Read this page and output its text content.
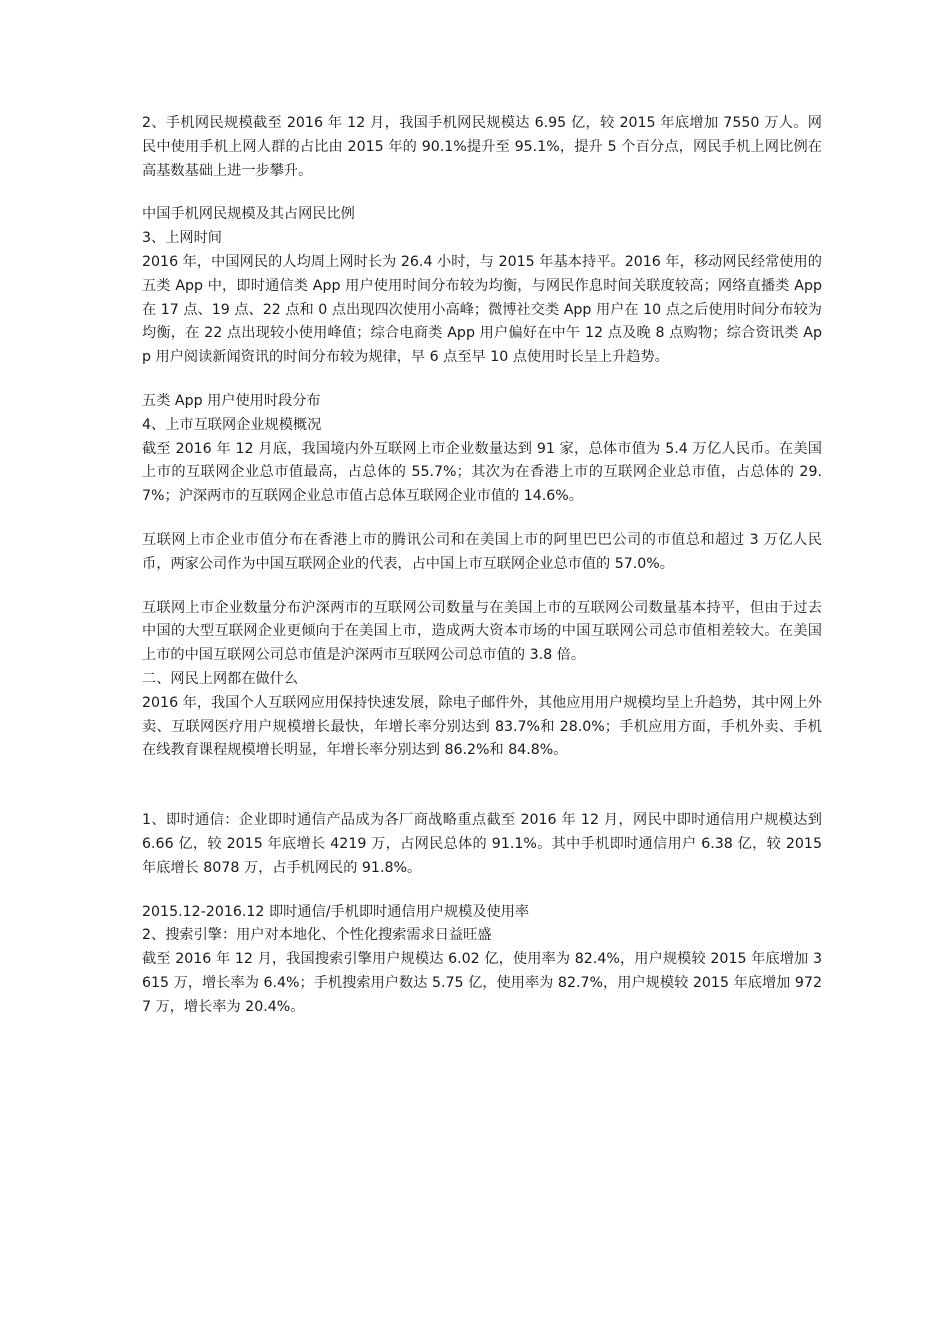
2、手机网民规模截至 2016 年 12 月，我国手机网民规模达 6.95 亿，较 2015 年底增加 7550 万人。网民中使用手机上网人群的占比由 2015 年的 90.1%提升至 95.1%，提升 5 个百分点，网民手机上网比例在高基数基础上进一步攀升。

中国手机网民规模及其占网民比例

3、上网时间

2016 年，中国网民的人均周上网时长为 26.4 小时，与 2015 年基本持平。2016 年，移动网民经常使用的五类 App 中，即时通信类 App 用户使用时间分布较为均衡，与网民作息时间关联度较高；网络直播类 App 在 17 点、19 点、22 点和 0 点出现四次使用小高峰；微博社交类 App 用户在 10 点之后使用时间分布较为均衡，在 22 点出现较小使用峰值；综合电商类 App 用户偏好在中午 12 点及晚 8 点购物；综合资讯类 App 用户阅读新闻资讯的时间分布较为规律，早 6 点至早 10 点使用时长呈上升趋势。

五类 App 用户使用时段分布

4、上市互联网企业规模概况

截至 2016 年 12 月底，我国境内外互联网上市企业数量达到 91 家，总体市值为 5.4 万亿人民币。在美国上市的互联网企业总市值最高，占总体的 55.7%；其次为在香港上市的互联网企业总市值，占总体的 29.7%；沪深两市的互联网企业总市值占总体互联网企业市值的 14.6%。

互联网上市企业市值分布在香港上市的腾讯公司和在美国上市的阿里巴巴公司的市值总和超过 3 万亿人民币，两家公司作为中国互联网企业的代表，占中国上市互联网企业总市值的 57.0%。

互联网上市企业数量分布沪深两市的互联网公司数量与在美国上市的互联网公司数量基本持平，但由于过去中国的大型互联网企业更倾向于在美国上市，造成两大资本市场的中国互联网公司总市值相差较大。在美国上市的中国互联网公司总市值是沪深两市互联网公司总市值的 3.8 倍。

二、网民上网都在做什么

2016 年，我国个人互联网应用保持快速发展，除电子邮件外，其他应用用户规模均呈上升趋势，其中网上外卖、互联网医疗用户规模增长最快，年增长率分别达到 83.7%和 28.0%；手机应用方面，手机外卖、手机在线教育课程规模增长明显，年增长率分别达到 86.2%和 84.8%。

1、即时通信：企业即时通信产品成为各厂商战略重点截至 2016 年 12 月，网民中即时通信用户规模达到 6.66 亿，较 2015 年底增长 4219 万，占网民总体的 91.1%。其中手机即时通信用户 6.38 亿，较 2015 年底增长 8078 万，占手机网民的 91.8%。

2015.12-2016.12 即时通信/手机即时通信用户规模及使用率

2、搜索引擎：用户对本地化、个性化搜索需求日益旺盛

截至 2016 年 12 月，我国搜索引擎用户规模达 6.02 亿，使用率为 82.4%，用户规模较 2015 年底增加 3615 万，增长率为 6.4%；手机搜索用户数达 5.75 亿，使用率为 82.7%，用户规模较 2015 年底增加 9727 万，增长率为 20.4%。
